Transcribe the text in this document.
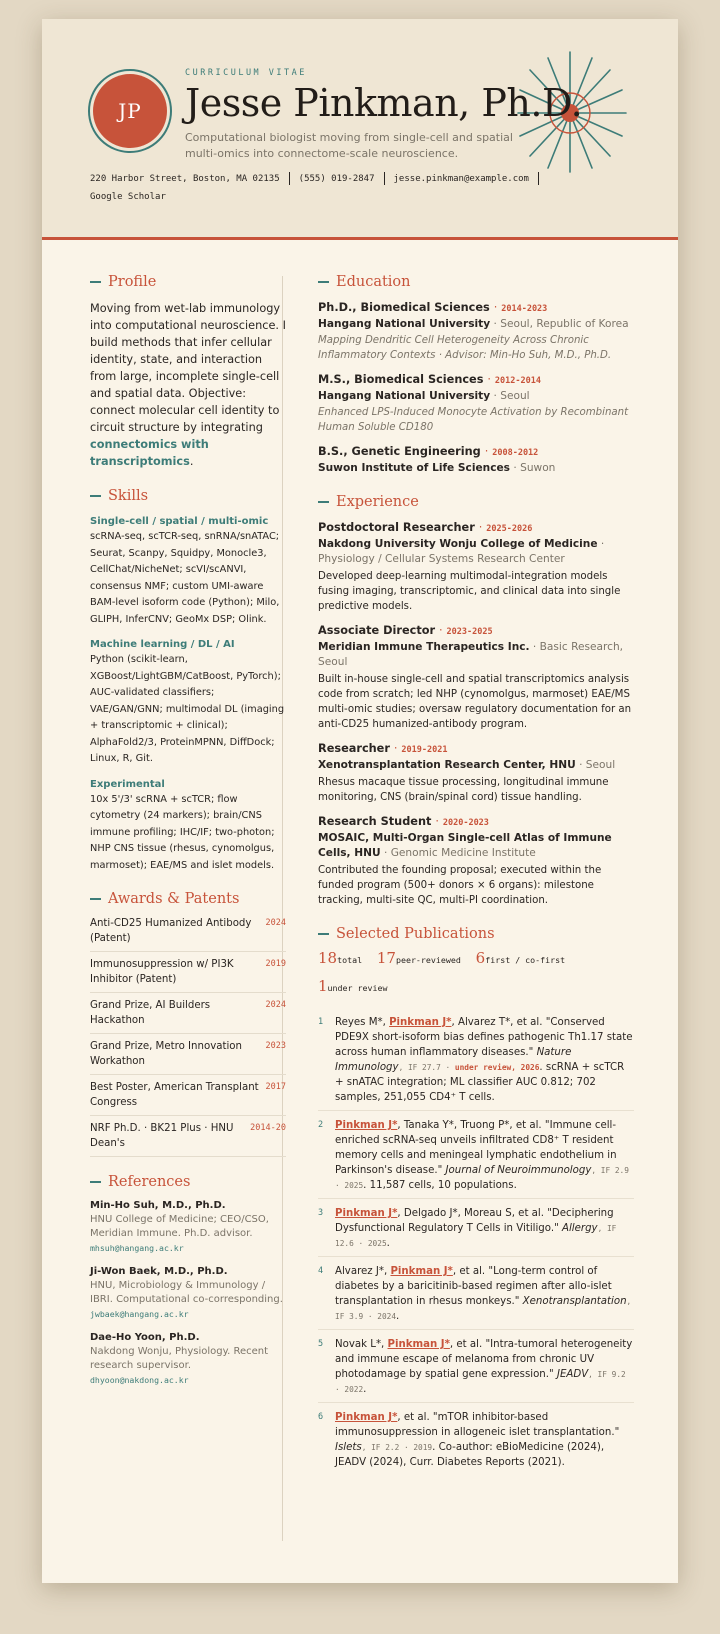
JP
CURRICULUM VITAE
Jesse Pinkman, Ph.D.
Computational biologist moving from single-cell and spatial multi-omics into connectome-scale neuroscience.
220 Harbor Street, Boston, MA 02135 (555) 019-2847 jesse.pinkman@example.com
Google Scholar
Profile
Moving from wet-lab immunology into computational neuroscience. I build methods that infer cellular identity, state, and interaction from large, incomplete single-cell and spatial data. Objective: connect molecular cell identity to circuit structure by integrating connectomics with transcriptomics.
Skills
Single-cell / spatial / multi-omic
scRNA-seq, scTCR-seq, snRNA/snATAC; Seurat, Scanpy, Squidpy, Monocle3, CellChat/NicheNet; scVI/scANVI, consensus NMF; custom UMI-aware BAM-level isoform code (Python); Milo, GLIPH, InferCNV; GeoMx DSP; Olink.
Machine learning / DL / AI
Python (scikit-learn, XGBoost/LightGBM/CatBoost, PyTorch); AUC-validated classifiers; VAE/GAN/GNN; multimodal DL (imaging + transcriptomic + clinical); AlphaFold2/3, ProteinMPNN, DiffDock; Linux, R, Git.
Experimental
10x 5'/3' scRNA + scTCR; flow cytometry (24 markers); brain/CNS immune profiling; IHC/IF; two-photon; NHP CNS tissue (rhesus, cynomolgus, marmoset); EAE/MS and islet models.
Awards & Patents
Anti-CD25 Humanized Antibody (Patent)
2024
Immunosuppression w/ PI3K Inhibitor (Patent)
2019
Grand Prize, AI Builders Hackathon
2024
Grand Prize, Metro Innovation Workathon
2023
Best Poster, American Transplant Congress
2017
NRF Ph.D. · BK21 Plus · HNU Dean's
2014-20
References
Min-Ho Suh, M.D., Ph.D.
HNU College of Medicine; CEO/CSO, Meridian Immune. Ph.D. advisor.
mhsuh@hangang.ac.kr
Ji-Won Baek, M.D., Ph.D.
HNU, Microbiology & Immunology / IBRI. Computational co-corresponding.
jwbaek@hangang.ac.kr
Dae-Ho Yoon, Ph.D.
Nakdong Wonju, Physiology. Recent research supervisor.
dhyoon@nakdong.ac.kr
Education
Ph.D., Biomedical Sciences · 2014-2023
Hangang National University · Seoul, Republic of Korea
Mapping Dendritic Cell Heterogeneity Across Chronic Inflammatory Contexts · Advisor: Min-Ho Suh, M.D., Ph.D.
M.S., Biomedical Sciences · 2012-2014
Hangang National University · Seoul
Enhanced LPS-Induced Monocyte Activation by Recombinant Human Soluble CD180
B.S., Genetic Engineering · 2008-2012
Suwon Institute of Life Sciences · Suwon
Experience
Postdoctoral Researcher · 2025-2026
Nakdong University Wonju College of Medicine · Physiology / Cellular Systems Research Center
Developed deep-learning multimodal-integration models fusing imaging, transcriptomic, and clinical data into single predictive models.
Associate Director · 2023-2025
Meridian Immune Therapeutics Inc. · Basic Research, Seoul
Built in-house single-cell and spatial transcriptomics analysis code from scratch; led NHP (cynomolgus, marmoset) EAE/MS multi-omic studies; oversaw regulatory documentation for an anti-CD25 humanized-antibody program.
Researcher · 2019-2021
Xenotransplantation Research Center, HNU · Seoul
Rhesus macaque tissue processing, longitudinal immune monitoring, CNS (brain/spinal cord) tissue handling.
Research Student · 2020-2023
MOSAIC, Multi-Organ Single-cell Atlas of Immune Cells, HNU · Genomic Medicine Institute
Contributed the founding proposal; executed within the funded program (500+ donors × 6 organs): milestone tracking, multi-site QC, multi-PI coordination.
Selected Publications
18total 17peer-reviewed 6first / co-first
1under review
1	Reyes M*, Pinkman J*, Alvarez T*, et al. "Conserved PDE9X short-isoform bias defines pathogenic Th1.17 state across human inflammatory diseases." Nature Immunology, IF 27.7 · under review, 2026. scRNA + scTCR + snATAC integration; ML classifier AUC 0.812; 702 samples, 251,055 CD4⁺ T cells.
2	Pinkman J*, Tanaka Y*, Truong P*, et al. "Immune cell-enriched scRNA-seq unveils infiltrated CD8⁺ T resident memory cells and meningeal lymphatic endothelium in Parkinson's disease." Journal of Neuroimmunology, IF 2.9 · 2025. 11,587 cells, 10 populations.
3	Pinkman J*, Delgado J*, Moreau S, et al. "Deciphering Dysfunctional Regulatory T Cells in Vitiligo." Allergy, IF 12.6 · 2025.
4	Alvarez J*, Pinkman J*, et al. "Long-term control of diabetes by a baricitinib-based regimen after allo-islet transplantation in rhesus monkeys." Xenotransplantation, IF 3.9 · 2024.
5	Novak L*, Pinkman J*, et al. "Intra-tumoral heterogeneity and immune escape of melanoma from chronic UV photodamage by spatial gene expression." JEADV, IF 9.2 · 2022.
6	Pinkman J*, et al. "mTOR inhibitor-based immunosuppression in allogeneic islet transplantation." Islets, IF 2.2 · 2019. Co-author: eBioMedicine (2024), JEADV (2024), Curr. Diabetes Reports (2021).
